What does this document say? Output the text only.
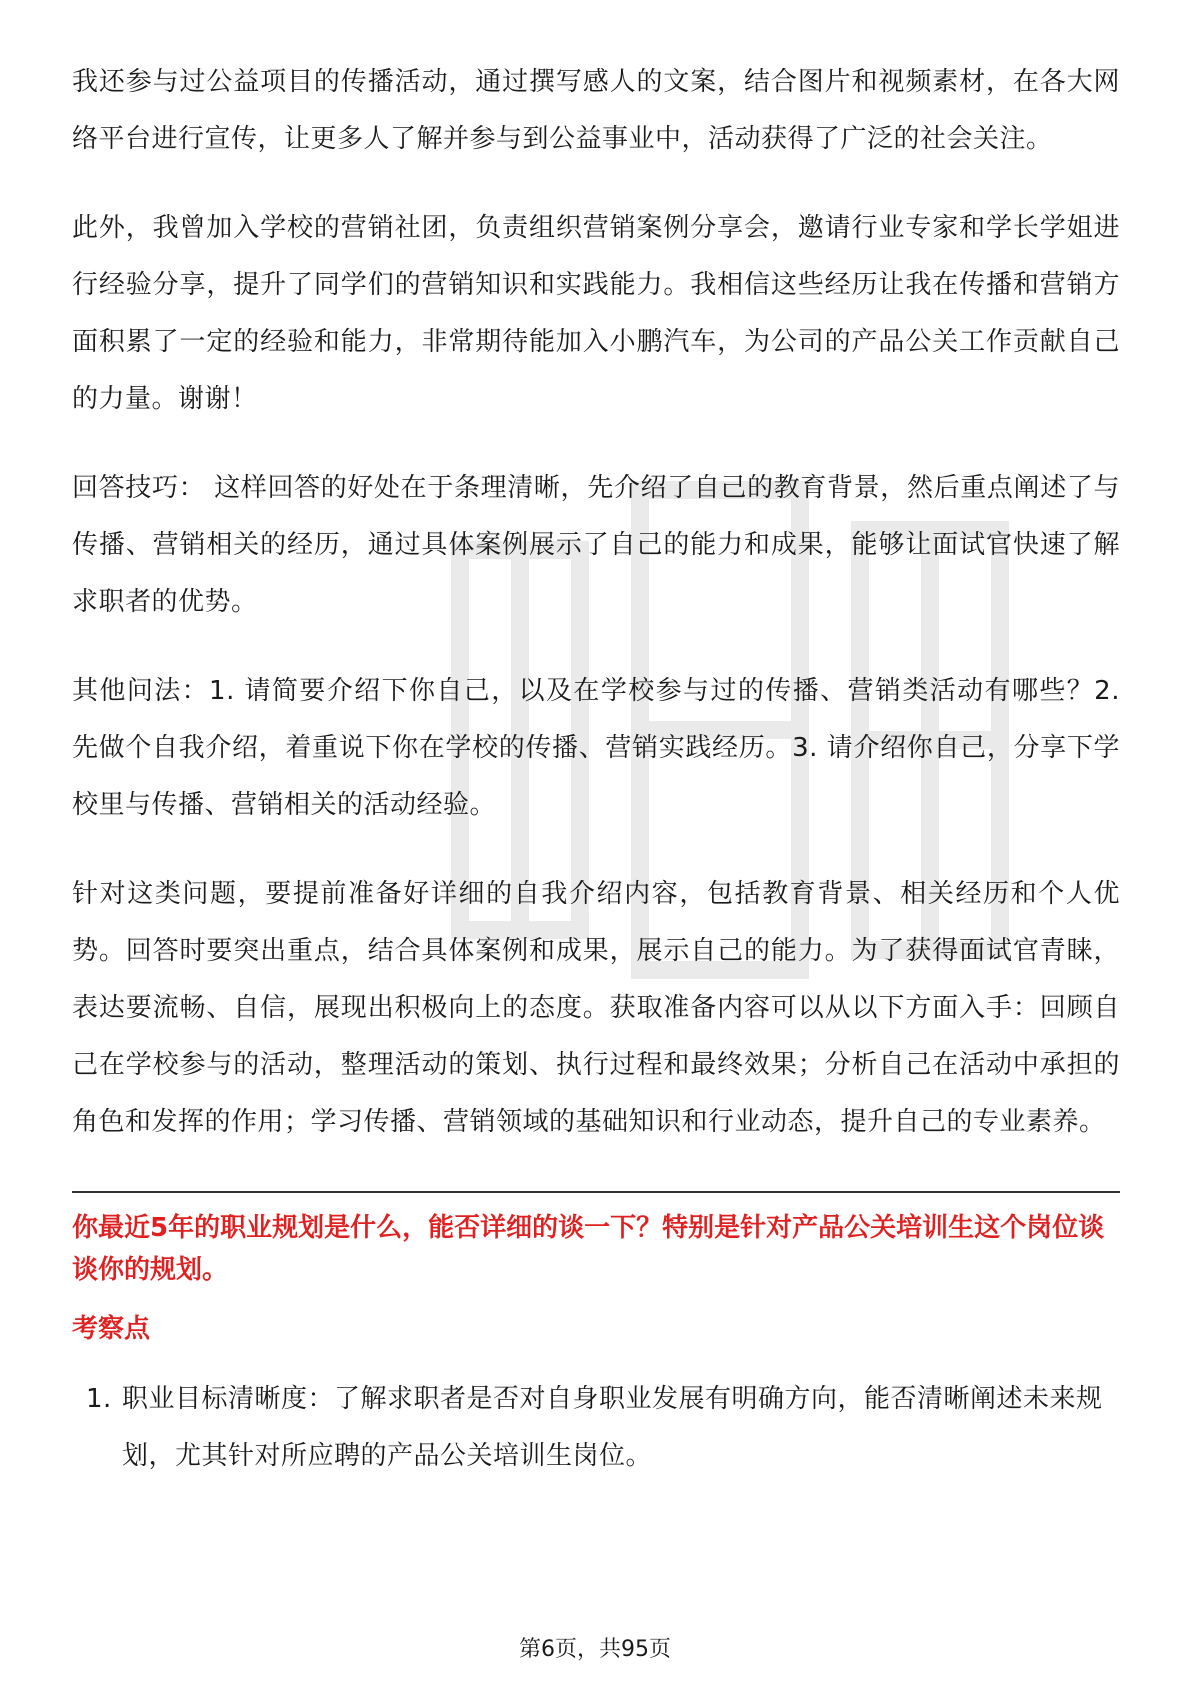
我还参与过公益项目的传播活动，通过撰写感人的文案，结合图片和视频素材，在各大网络平台进行宣传，让更多人了解并参与到公益事业中，活动获得了广泛的社会关注。

此外，我曾加入学校的营销社团，负责组织营销案例分享会，邀请行业专家和学长学姐进行经验分享，提升了同学们的营销知识和实践能力。我相信这些经历让我在传播和营销方面积累了一定的经验和能力，非常期待能加入小鹏汽车，为公司的产品公关工作贡献自己的力量。谢谢！

回答技巧： 这样回答的好处在于条理清晰，先介绍了自己的教育背景，然后重点阐述了与传播、营销相关的经历，通过具体案例展示了自己的能力和成果，能够让面试官快速了解求职者的优势。

其他问法：1. 请简要介绍下你自己，以及在学校参与过的传播、营销类活动有哪些？2. 先做个自我介绍，着重说下你在学校的传播、营销实践经历。3. 请介绍你自己，分享下学校里与传播、营销相关的活动经验。

针对这类问题，要提前准备好详细的自我介绍内容，包括教育背景、相关经历和个人优势。回答时要突出重点，结合具体案例和成果，展示自己的能力。为了获得面试官青睐，表达要流畅、自信，展现出积极向上的态度。获取准备内容可以从以下方面入手：回顾自己在学校参与的活动，整理活动的策划、执行过程和最终效果；分析自己在活动中承担的角色和发挥的作用；学习传播、营销领域的基础知识和行业动态，提升自己的专业素养。

你最近5年的职业规划是什么，能否详细的谈一下？特别是针对产品公关培训生这个岗位谈谈你的规划。
考察点
1. 职业目标清晰度：了解求职者是否对自身职业发展有明确方向，能否清晰阐述未来规划，尤其针对所应聘的产品公关培训生岗位。
第6页，共95页
